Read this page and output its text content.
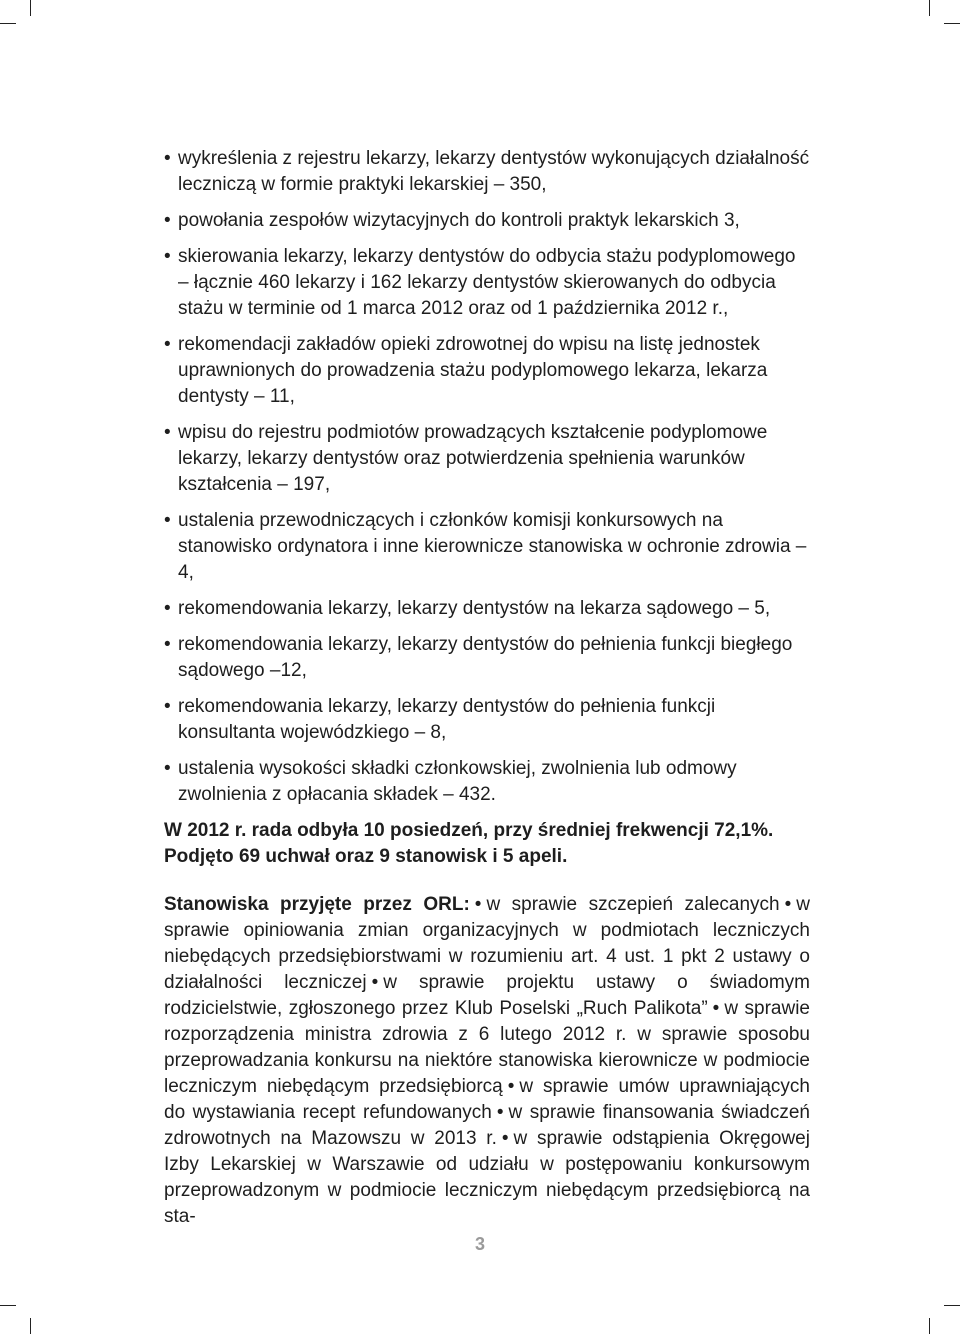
• wykreślenia z rejestru lekarzy, lekarzy dentystów wykonujących działalność leczniczą w formie praktyki lekarskiej – 350,
• powołania zespołów wizytacyjnych do kontroli praktyk lekarskich 3,
• skierowania lekarzy, lekarzy dentystów do odbycia stażu podyplomowego – łącznie 460 lekarzy i 162 lekarzy dentystów skierowanych do odbycia stażu w terminie od 1 marca 2012 oraz od 1 października 2012 r.,
• rekomendacji zakładów opieki zdrowotnej do wpisu na listę jednostek uprawnionych do prowadzenia stażu podyplomowego lekarza, lekarza dentysty – 11,
• wpisu do rejestru podmiotów prowadzących kształcenie podyplomowe lekarzy, lekarzy dentystów oraz potwierdzenia spełnienia warunków kształcenia – 197,
• ustalenia przewodniczących i członków komisji konkursowych na stanowisko ordynatora i inne kierownicze stanowiska w ochronie zdrowia – 4,
• rekomendowania lekarzy, lekarzy dentystów na lekarza sądowego – 5,
• rekomendowania lekarzy, lekarzy dentystów do pełnienia funkcji biegłego sądowego –12,
• rekomendowania lekarzy, lekarzy dentystów do pełnienia funkcji konsultanta wojewódzkiego – 8,
• ustalenia wysokości składki członkowskiej, zwolnienia lub odmowy zwolnienia z opłacania składek – 432.
W 2012 r. rada odbyła 10 posiedzeń, przy średniej frekwencji 72,1%.
Podjęto 69 uchwał oraz 9 stanowisk i 5 apeli.

Stanowiska przyjęte przez ORL: • w sprawie szczepień zalecanych • w sprawie opiniowania zmian organizacyjnych w podmiotach leczniczych niebędących przedsiębiorstwami w rozumieniu art. 4 ust. 1 pkt 2 ustawy o działalności leczniczej • w sprawie projektu ustawy o świadomym rodzicielstwie, zgłoszonego przez Klub Poselski „Ruch Palikota” • w sprawie rozporządzenia ministra zdrowia z 6 lutego 2012 r. w sprawie sposobu przeprowadzania konkursu na niektóre stanowiska kierownicze w podmiocie leczniczym niebędącym przedsiębiorcą • w sprawie umów uprawniających do wystawiania recept refundowanych • w sprawie finansowania świadczeń zdrowotnych na Mazowszu w 2013 r. • w sprawie odstąpienia Okręgowej Izby Lekarskiej w Warszawie od udziału w postępowaniu konkursowym przeprowadzonym w podmiocie leczniczym niebędącym przedsiębiorcą na sta-

3
